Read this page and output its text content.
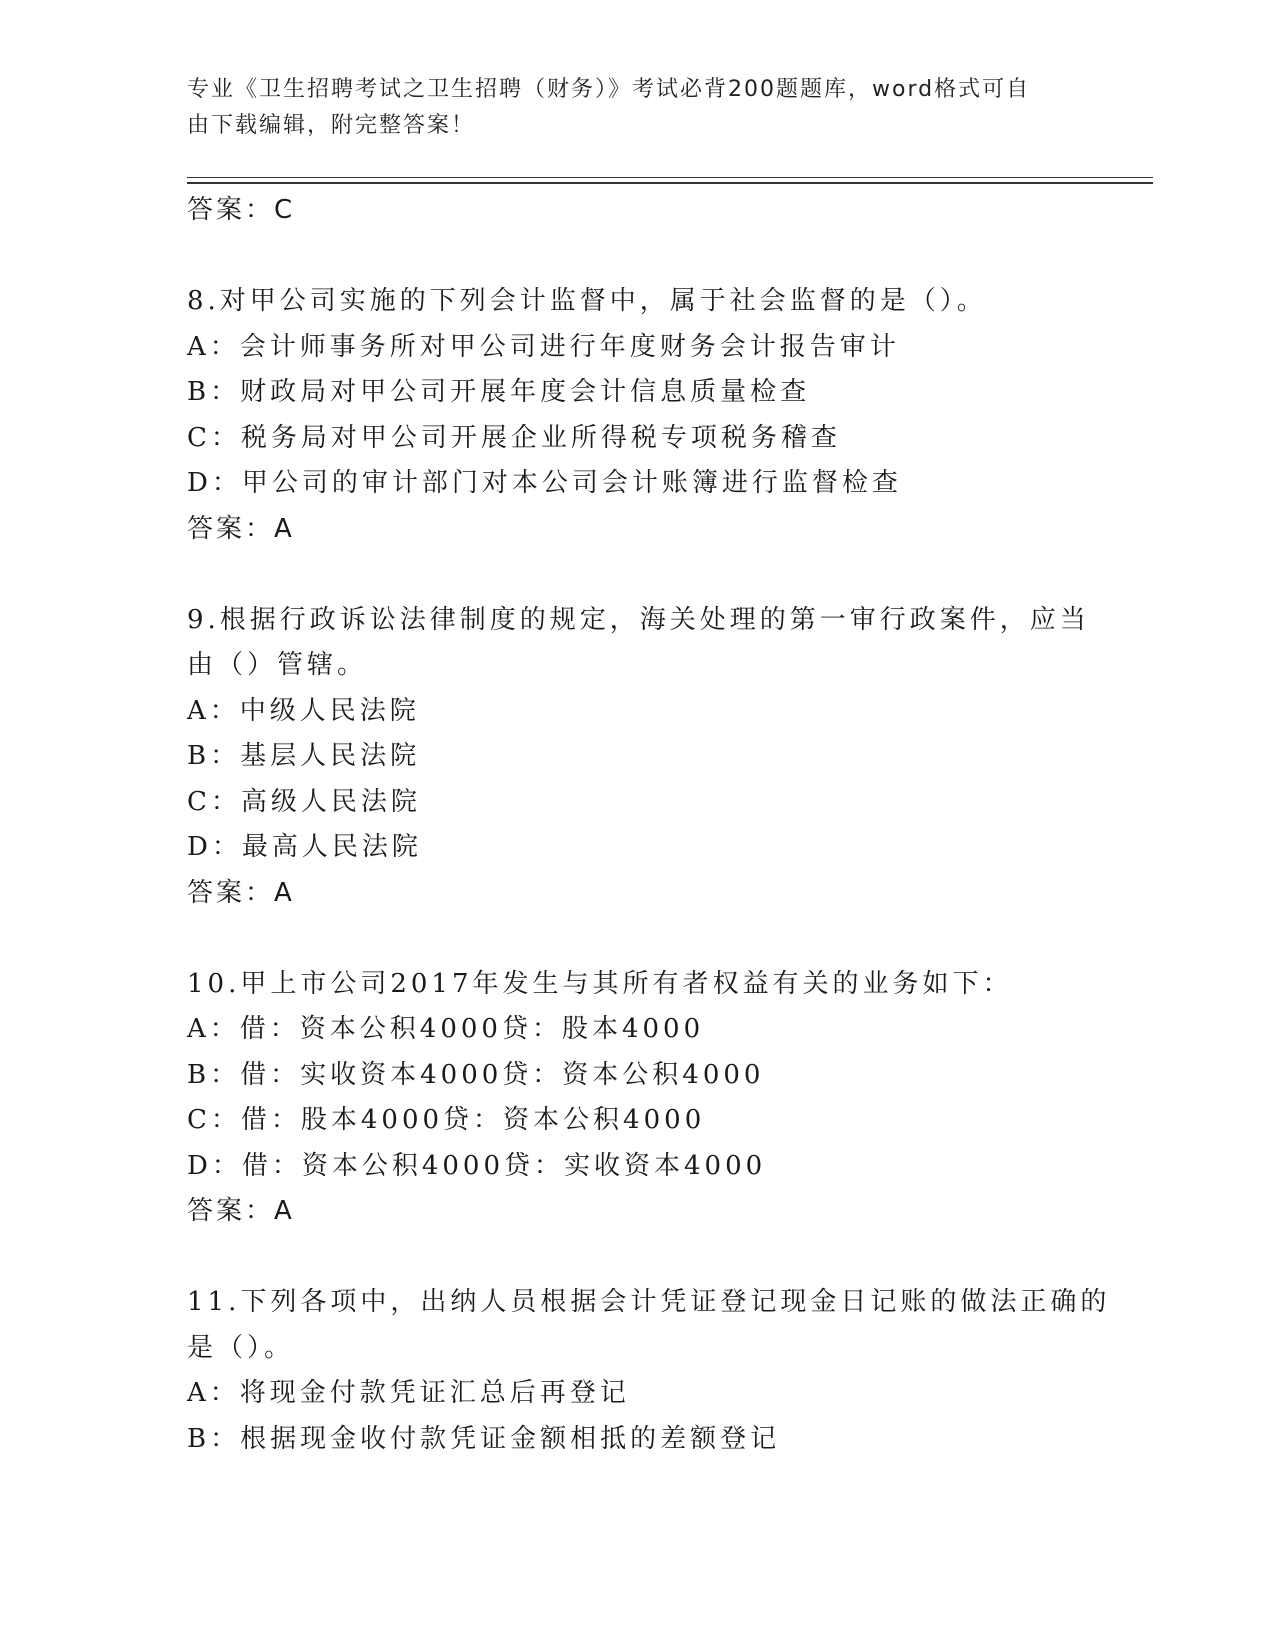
专业《卫生招聘考试之卫生招聘（财务）》考试必背200题题库，word格式可自
由下载编辑，附完整答案！
答案：C
8.对甲公司实施的下列会计监督中，属于社会监督的是（）。
A：会计师事务所对甲公司进行年度财务会计报告审计
B：财政局对甲公司开展年度会计信息质量检查
C：税务局对甲公司开展企业所得税专项税务稽查
D：甲公司的审计部门对本公司会计账簿进行监督检查
答案：A
9.根据行政诉讼法律制度的规定，海关处理的第一审行政案件，应当
由（）管辖。
A：中级人民法院
B：基层人民法院
C：高级人民法院
D：最高人民法院
答案：A
10.甲上市公司2017年发生与其所有者权益有关的业务如下：
A：借：资本公积4000贷：股本4000
B：借：实收资本4000贷：资本公积4000
C：借：股本4000贷：资本公积4000
D：借：资本公积4000贷：实收资本4000
答案：A
11.下列各项中，出纳人员根据会计凭证登记现金日记账的做法正确的
是（）。
A：将现金付款凭证汇总后再登记
B：根据现金收付款凭证金额相抵的差额登记
